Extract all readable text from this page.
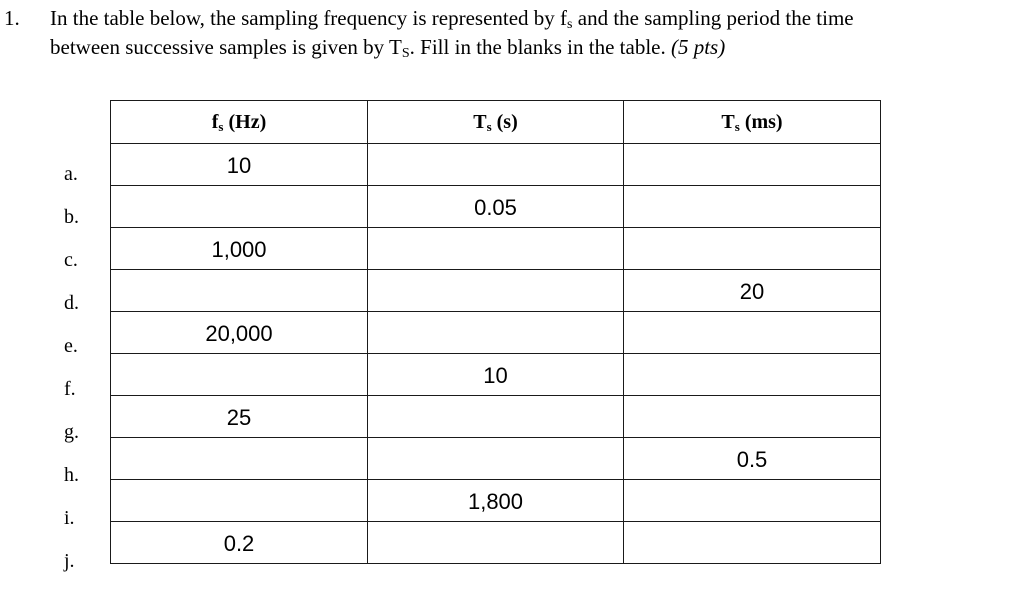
1. In the table below, the sampling frequency is represented by $f_s$ and the sampling period the time
between successive samples is given by $T_S$. Fill in the blanks in the table. (5 pts)
a.
b.
c.
d.
e.
f.
g.
h.
i.
j.
$f_s$ (Hz)	$T_s$ (s)	$T_s$ (ms)
10		
	0.05	
1,000		
		20
20,000		
	10	
25		
		0.5
	1,800	
0.2		
